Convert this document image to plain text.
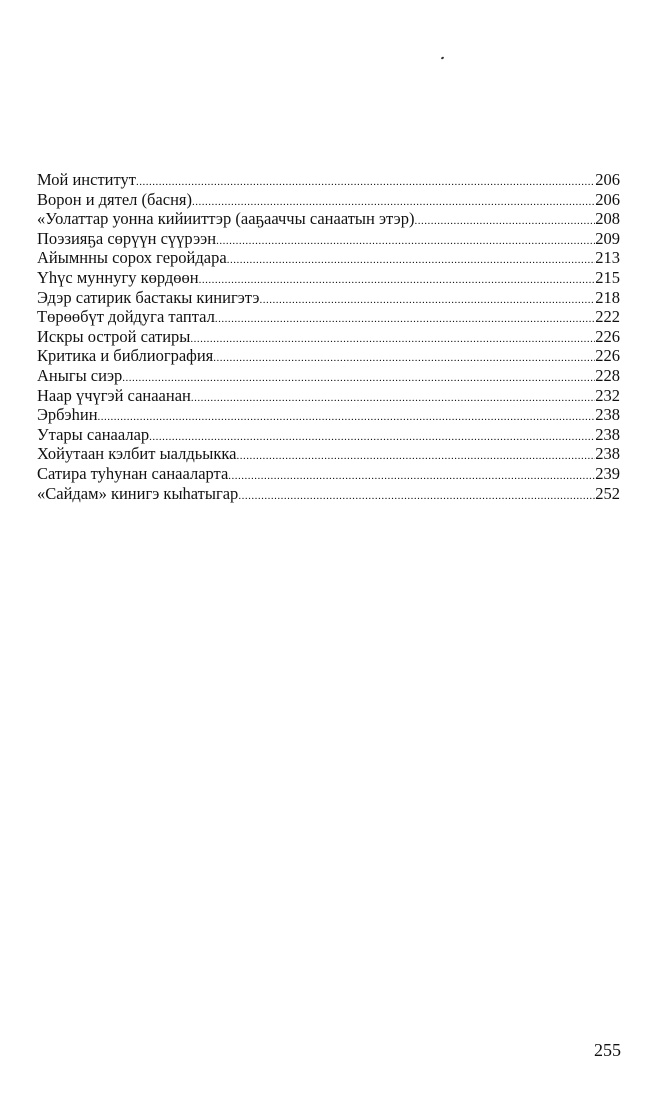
Мой институт .....	206
Ворон и дятел (басня) .....	206
«Уолаттар уонна кийииттэр (ааҕааччы санаатын этэр) .....	208
Поэзияҕа сөрүүн сүүрээн .....	209
Айымнны сорох геройдара .....	213
Үһүс муннугу көрдөөн .....	215
Эдэр сатирик бастакы кинигэтэ .....	218
Төрөөбүт дойдуга таптал .....	222
Искры острой сатиры .....	226
Критика и библиография .....	226
Аныгы сиэр .....	228
Наар үчүгэй санаанан .....	232
Эрбэһин .....	238
Утары санаалар .....	238
Хойутаан кэлбит ыалдьыкка .....	238
Сатира туһунан санааларта .....	239
«Сайдам» кинигэ кыһатыгар .....	252
255
